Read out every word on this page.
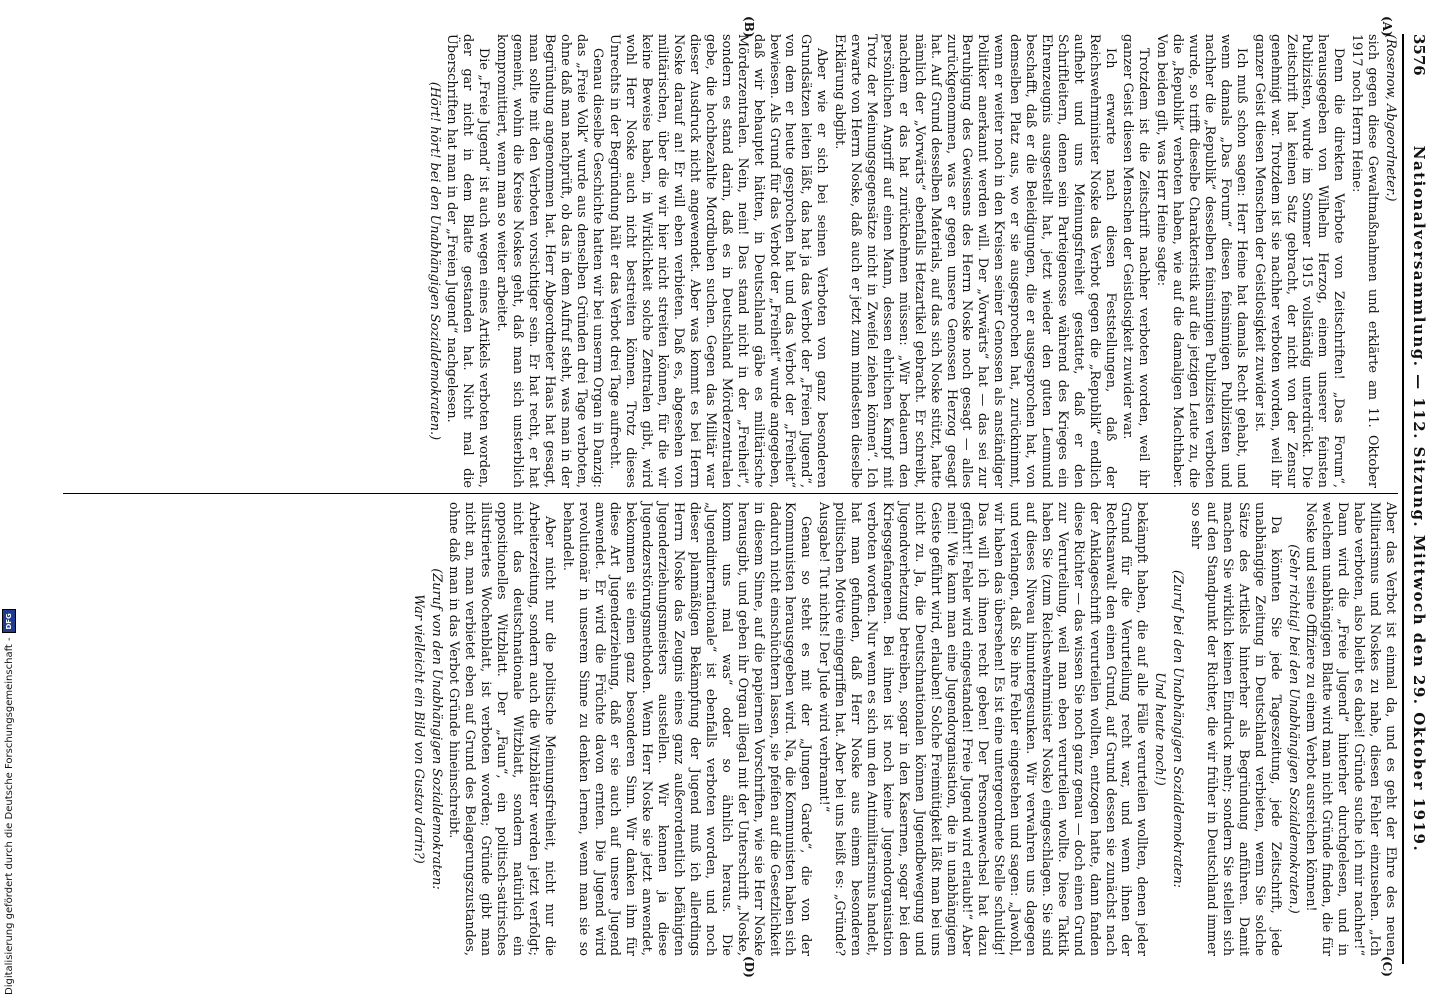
3576
Nationalversammlung. — 112. Sitzung. Mittwoch den 29. Oktober 1919.
(A)
(B)
(C)
(D)

(Rosenow, Abgeordneter.)

sich gegen diese Gewaltmaßnahmen und erklärte am 11. Oktober 1917 noch Herrn Heine:

Denn die direkten Verbote von Zeitschriften! „Das Forum“, herausgegeben von Wilhelm Herzog, einem unserer feinsten Publizisten, wurde im Sommer 1915 vollständig unterdrückt. Die Zeitschrift hat keinen Satz gebracht, der nicht von der Zensur genehmigt war. Trotzdem ist sie nachher verboten worden, weil ihr ganzer Geist diesen Menschen der Geistlosigkeit zuwider ist.

Ich muß schon sagen: Herr Heine hat damals Recht gehabt, und wenn damals „Das Forum“ diesen feinsinnigen Publizisten und nachher die „Republik“ desselben feinsinnigen Publizisten verboten wurde, so trifft dieselbe Charakteristik auf die jetzigen Leute zu, die die „Republik“ verboten haben, wie auf die damaligen Machthaber. Von beiden gilt, was Herr Heine sagte:

Trotzdem ist die Zeitschrift nachher verboten worden, weil ihr ganzer Geist diesen Menschen der Geistlosigkeit zuwider war.

Ich erwarte nach diesen Feststellungen, daß der Reichswehrminister Noske das Verbot gegen die „Republik“ endlich aufhebt und uns Meinungsfreiheit gestattet, daß er den Schriftleitern, denen sein Parteigenosse während des Krieges ein Ehrenzeugnis ausgestellt hat, jetzt wieder den guten Leumund beschafft, daß er die Beleidigungen, die er ausgesprochen hat, von demselben Platz aus, wo er sie ausgesprochen hat, zurücknimmt, wenn er weiter noch in den Kreisen seiner Genossen als anständiger Politiker anerkannt werden will. Der „Vorwärts“ hat — das sei zur Beruhigung des Gewissens des Herrn Noske noch gesagt — alles zurückgenommen, was er gegen unsere Genossen Herzog gesagt hat. Auf Grund desselben Materials, auf das sich Noske stützt, hatte nämlich der „Vorwärts“ ebenfalls Hetzartikel gebracht. Er schreibt, nachdem er das hat zurücknehmen müssen: „Wir bedauern den persönlichen Angriff auf einen Mann, dessen ehrlichen Kampf mit Trotz der Meinungsgegensätze nicht in Zweifel ziehen können“. Ich erwarte von Herrn Noske, daß auch er jetzt zum mindesten dieselbe Erklärung abgibt.

Aber wie er sich bei seinen Verboten von ganz besonderen Grundsätzen leiten läßt, das hat ja das Verbot der „Freien Jugend“, von dem er heute gesprochen hat und das Verbot der „Freiheit“ bewiesen. Als Grund für das Verbot der „Freiheit“ wurde angegeben, daß wir behauptet hätten, in Deutschland gäbe es militärische Mörderzentralen. Nein, nein! Das stand nicht in der „Freiheit“, sondern es stand darin, daß es in Deutschland Mörderzentralen gebe, die hochbezahlte Mordbuben suchen. Gegen das Militär war dieser Ausdruck nicht angewendet. Aber was kommt es bei Herrn Noske darauf an! Er will eben verbieten. Daß es, abgesehen von militärischen, über die wir hier nicht streiten können, für die wir keine Beweise haben, in Wirklichkeit solche Zentralen gibt, wird wohl Herr Noske auch nicht bestreiten können. Trotz dieses Unrechts in der Begründung hält er das Verbot drei Tage aufrecht.

Genau dieselbe Geschichte hatten wir bei unserm Organ in Danzig: das „Freie Volk“ wurde aus denselben Gründen drei Tage verboten, ohne daß man nachprüft, ob das in dem Aufruf steht, was man in der Begründung angenommen hat. Herr Abgeordneter Haas hat gesagt, man sollte mit den Verboten vorsichtiger sein. Er hat recht, er hat gemeint, wohin die Kreise Noskes geht, daß man sich unsterblich kompromittiert, wenn man so weiter arbeitet.

Die „Freie Jugend“ ist auch wegen eines Artikels verboten worden, der gar nicht in dem Blatte gestanden hat. Nicht mal die Überschriften hat man in der „Freien Jugend“ nachgelesen.

(Hört! hört! bei den Unabhängigen Sozialdemokraten.)

Aber das Verbot ist einmal da, und es geht der Ehre des neuen Militarismus und Noskes zu nahe, diesen Fehler einzusehen. „Ich habe verboten, also bleibt es dabei! Gründe suche ich mir nachher!“ Dann wird die „Freie Jugend“ hinterher durchgelesen, und in welchem unabhängigen Blatte wird man nicht Gründe finden, die für Noske und seine Offiziere zu einem Verbot ausreichen können!

(Sehr richtig! bei den Unabhängigen Sozialdemokraten.)

Da könnten Sie jede Tageszeitung, jede Zeitschrift, jede unabhängige Zeitung in Deutschland verbieten, wenn Sie solche Sätze des Artikels hinterher als Begründung anführen. Damit machen Sie wirklich keinen Eindruck mehr; sondern Sie stellen sich auf den Standpunkt der Richter, die wir früher in Deutschland immer so sehr

(Zuruf bei den Unabhängigen Sozialdemokraten:

Und heute noch!)

bekämpft haben, die auf alle Fälle verurteilen wollten, denen jeder Grund für die Verurteilung recht war, und wenn ihnen der Rechtsanwalt den einen Grund, auf Grund dessen sie zunächst nach der Anklageschrift verurteilen wollten, entzogen hatte, dann fanden diese Richter — das wissen Sie noch ganz genau — doch einen Grund zur Verurteilung, weil man eben verurteilen wollte. Diese Taktik haben Sie (zum Reichswehrminister Noske) eingeschlagen. Sie sind auf dieses Niveau hinuntergesunken. Wir verwahren uns dagegen und verlangen, daß Sie ihre Fehler eingestehen und sagen: „Jawohl, wir haben das übersehen! Es ist eine untergeordnete Stelle schuldig! Das will ich ihnen recht geben! Der Personenwechsel hat dazu geführt! Fehler wird eingestanden! Freie Jugend wird erlaubt!“ Aber nein! Wie kann man eine Jugendorganisation, die in unabhängigem Geiste geführt wird, erlauben! Solche Freimütigkeit läßt man bei uns nicht zu. Ja, die Deutschnationalen können Jugendbewegung und Jugendverhetzung betreiben, sogar in den Kasernen, sogar bei den Kriegsgefangenen. Bei ihnen ist noch keine Jugendorganisation verboten worden. Nur wenn es sich um den Antimilitarismus handelt, hat man gefunden, daß Herr Noske aus einem besonderen politischen Motive eingegriffen hat. Aber bei uns heißt es: „Gründe? Ausgabe! Tut nichts! Der Jude wird verbrannt!“

Genau so steht es mit der „Jungen Garde“, die von der Kommunisten herausgegeben wird. Na, die Kommunisten haben sich dadurch nicht einschüchtern lassen, sie pfeifen auf die Gesetzlichkeit in diesem Sinne, auf die papiernen Vorschriften, wie sie Herr Noske herausgibt, und geben ihr Organ illegal mit der Unterschrift „Noske, komm uns mal was“ oder so ähnlich heraus. Die „Jugendinternationale“ ist ebenfalls verboten worden, und noch dieser planmäßigen Bekämpfung der Jugend muß ich allerdings Herrn Noske das Zeugnis eines ganz außerordentlich befähigten Jugenderziehungsmeisters ausstellen. Wir kennen ja diese Jugendzerstörungsmethoden. Wenn Herr Noske sie jetzt anwendet, bekommen sie einen ganz besonderen Sinn. Wir danken ihm für diese Art Jugenderziehung, daß er sie auch auf unsere Jugend anwendet. Er wird die Früchte davon ernten. Die Jugend wird revolutionär in unserem Sinne zu denken lernen, wenn man sie so behandelt.

Aber nicht nur die politische Meinungsfreiheit, nicht nur die Arbeiterzeitung, sondern auch die Witzblätter werden jetzt verfolgt; nicht das deutschnationale Witzblatt, sondern natürlich ein oppositionelles Witzblatt. Der „Faun“, ein politisch-satirisches illustriertes Wochenblatt, ist verboten worden; Gründe gibt man nicht an, man verbietet eben auf Grund des Belagerungszustandes, ohne daß man in das Verbot Gründe hineinschreibt.

(Zuruf von den Unabhängigen Sozialdemokraten:

War vielleicht ein Bild von Gustav darin?)

Digitalisierung gefördert durch die Deutsche Forschungsgemeinschaft -
DFG
